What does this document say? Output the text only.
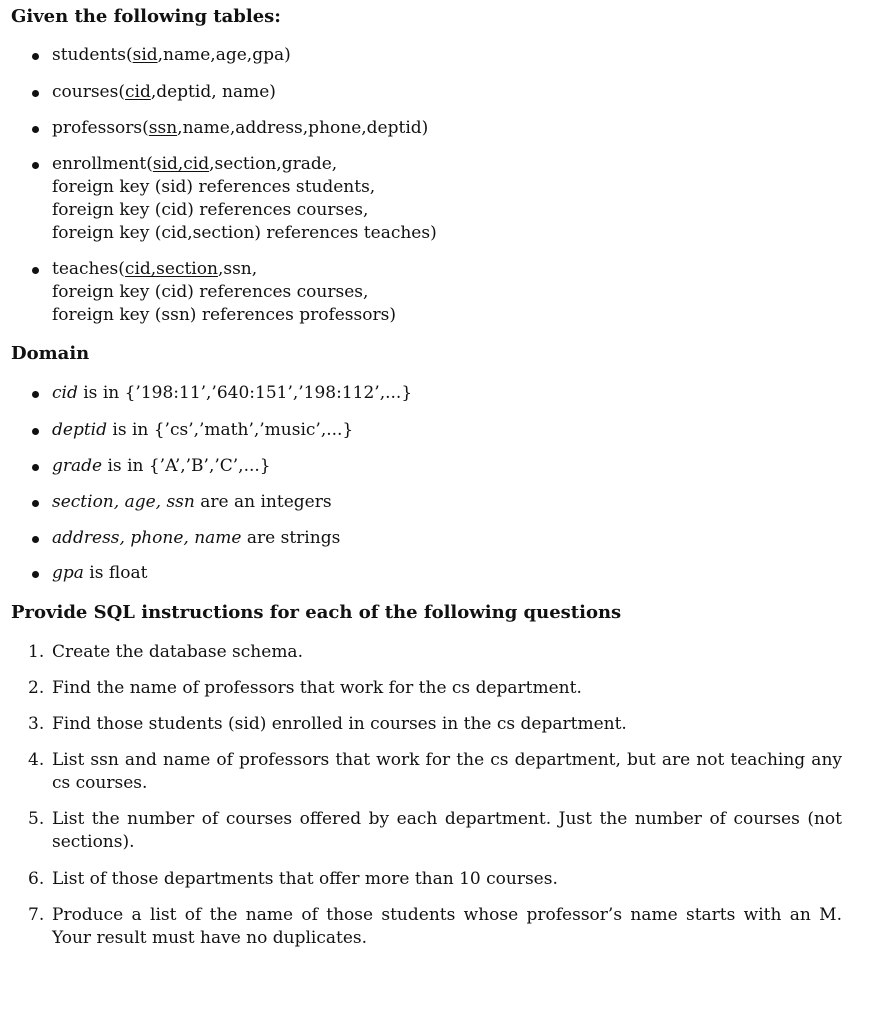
Given the following tables:
students(sid,name,age,gpa)
courses(cid,deptid, name)
professors(ssn,name,address,phone,deptid)
enrollment(sid,cid,section,grade,
foreign key (sid) references students,
foreign key (cid) references courses,
foreign key (cid,section) references teaches)
teaches(cid,section,ssn,
foreign key (cid) references courses,
foreign key (ssn) references professors)
Domain
cid is in {’198:11’,’640:151’,’198:112’,...}
deptid is in {’cs’,’math’,’music’,...}
grade is in {’A’,’B’,’C’,...}
section, age, ssn are an integers
address, phone, name are strings
gpa is float
Provide SQL instructions for each of the following questions
1. Create the database schema.
2. Find the name of professors that work for the cs department.
3. Find those students (sid) enrolled in courses in the cs department.
4. List ssn and name of professors that work for the cs department, but are not teaching any cs courses.
5. List the number of courses offered by each department. Just the number of courses (not sections).
6. List of those departments that offer more than 10 courses.
7. Produce a list of the name of those students whose professor’s name starts with an M. Your result must have no duplicates.
